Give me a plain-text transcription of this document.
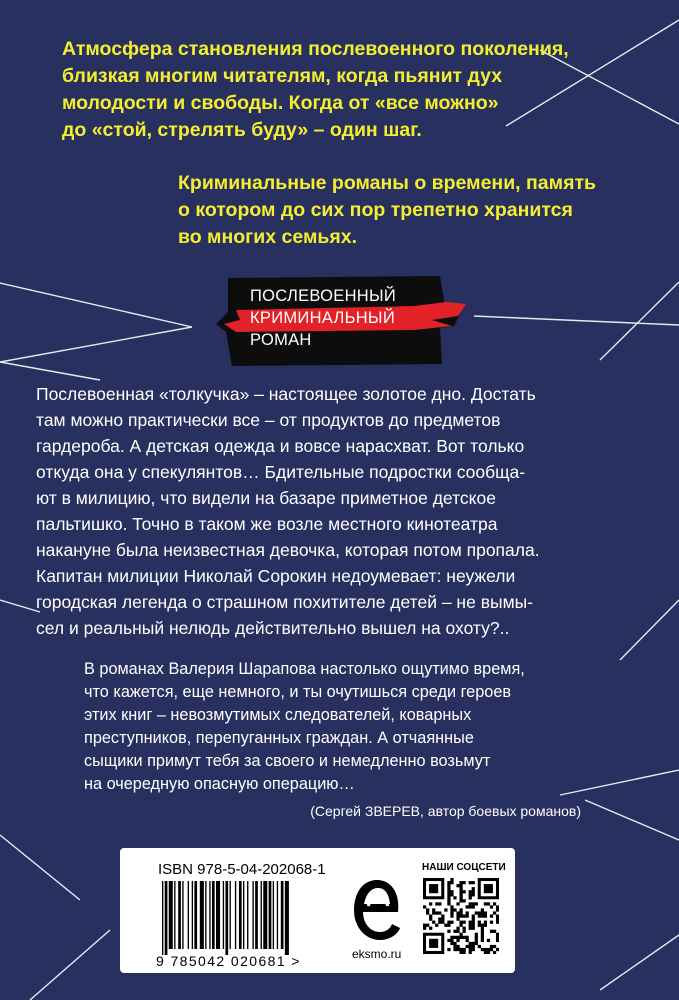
Атмосфера становления послевоенного поколения,
близкая многим читателям, когда пьянит дух
молодости и свободы. Когда от «все можно»
до «стой, стрелять буду» – один шаг.

Криминальные романы о времени, память
о котором до сих пор трепетно хранится
во многих семьях.

ПОСЛЕВОЕННЫЙ
КРИМИНАЛЬНЫЙ
РОМАН

Послевоенная «толкучка» – настоящее золотое дно. Достать
там можно практически все – от продуктов до предметов
гардероба. А детская одежда и вовсе нарасхват. Вот только
откуда она у спекулянтов… Бдительные подростки сообща-
ют в милицию, что видели на базаре приметное детское
пальтишко. Точно в таком же возле местного кинотеатра
накануне была неизвестная девочка, которая потом пропала.
Капитан милиции Николай Сорокин недоумевает: неужели
городская легенда о страшном похитителе детей – не вымы-
сел и реальный нелюдь действительно вышел на охоту?..

В романах Валерия Шарапова настолько ощутимо время,
что кажется, еще немного, и ты очутишься среди героев
этих книг – невозмутимых следователей, коварных
преступников, перепуганных граждан. А отчаянные
сыщики примут тебя за своего и немедленно возьмут
на очередную опасную операцию…

(Сергей ЗВЕРЕВ, автор боевых романов)

ISBN 978-5-04-202068-1
9 785042 020681 >	eksmo.ru
НАШИ СОЦСЕТИ
